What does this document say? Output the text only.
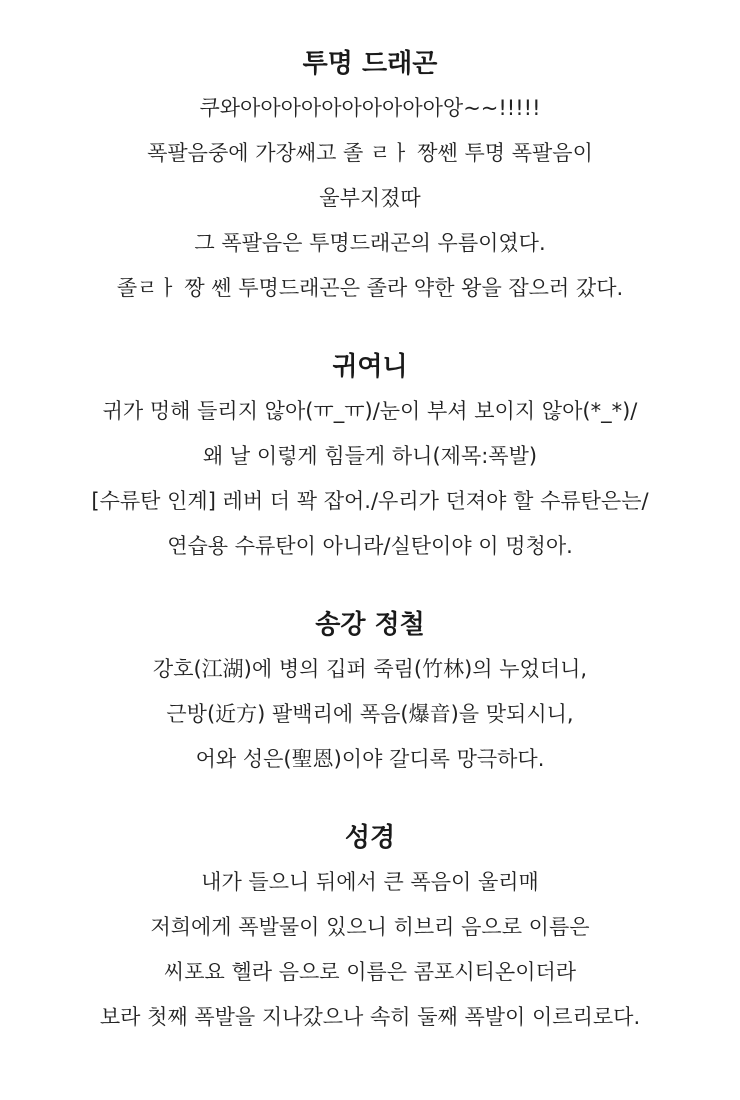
투명 드래곤

쿠와아아아아아아아아아아앙~~!!!!!

폭팔음중에 가장쌔고 졸 ㄹㅏ 짱쎈 투명 폭팔음이

울부지졌따

그 폭팔음은 투명드래곤의 우름이였다.

졸ㄹㅏ 짱 쎈 투명드래곤은 졸라 약한 왕을 잡으러 갔다.

귀여니

귀가 멍해 들리지 않아(ㅠ_ㅠ)/눈이 부셔 보이지 않아(*_*)/

왜 날 이렇게 힘들게 하니(제목:폭발)

[수류탄 인계] 레버 더 꽉 잡어./우리가 던져야 할 수류탄은는/

연습용 수류탄이 아니라/실탄이야 이 멍청아.

송강 정철

강호(江湖)에 병의 깁퍼 죽림(竹林)의 누었더니,

근방(近方) 팔백리에 폭음(爆音)을 맞되시니,

어와 성은(聖恩)이야 갈디록 망극하다.

성경

내가 들으니 뒤에서 큰 폭음이 울리매

저희에게 폭발물이 있으니 히브리 음으로 이름은

씨포요 헬라 음으로 이름은 콤포시티온이더라

보라 첫째 폭발을 지나갔으나 속히 둘째 폭발이 이르리로다.
